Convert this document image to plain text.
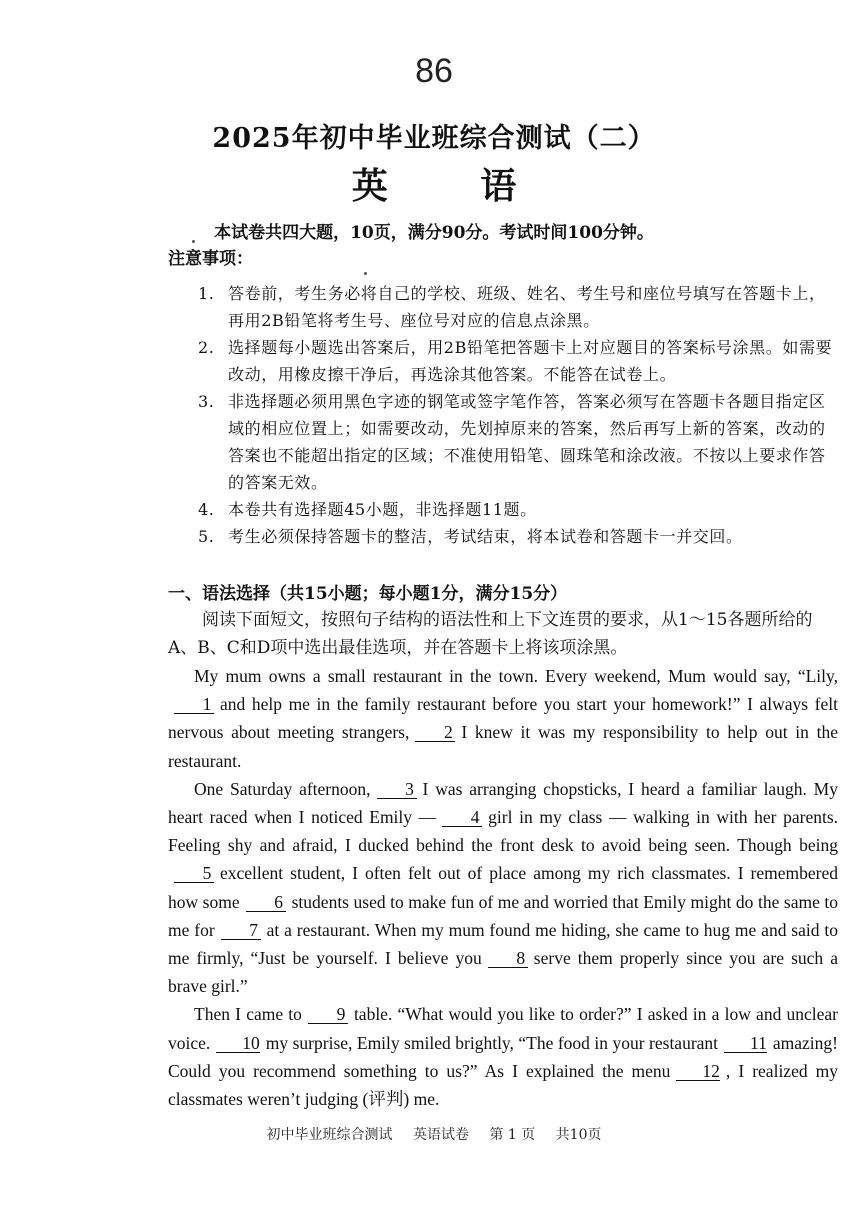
86
2025年初中毕业班综合测试（二）
英 语
本试卷共四大题，10页，满分90分。考试时间100分钟。
注意事项：
1. 答卷前，考生务必将自己的学校、班级、姓名、考生号和座位号填写在答题卡上，再用2B铅笔将考生号、座位号对应的信息点涂黑。
2. 选择题每小题选出答案后，用2B铅笔把答题卡上对应题目的答案标号涂黑。如需要改动，用橡皮擦干净后，再选涂其他答案。不能答在试卷上。
3. 非选择题必须用黑色字迹的钢笔或签字笔作答，答案必须写在答题卡各题目指定区域的相应位置上；如需要改动，先划掉原来的答案，然后再写上新的答案，改动的答案也不能超出指定的区域；不准使用铅笔、圆珠笔和涂改液。不按以上要求作答的答案无效。
4. 本卷共有选择题45小题，非选择题11题。
5. 考生必须保持答题卡的整洁，考试结束，将本试卷和答题卡一并交回。
一、语法选择（共15小题；每小题1分，满分15分）
阅读下面短文，按照句子结构的语法性和上下文连贯的要求，从1～15各题所给的A、B、C和D项中选出最佳选项，并在答题卡上将该项涂黑。

My mum owns a small restaurant in the town. Every weekend, Mum would say, “Lily,1 and help me in the family restaurant before you start your homework!” I always felt nervous about meeting strangers, 2 I knew it was my responsibility to help out in the restaurant.

One Saturday afternoon, 3 I was arranging chopsticks, I heard a familiar laugh. My heart raced when I noticed Emily — 4 girl in my class — walking in with her parents. Feeling shy and afraid, I ducked behind the front desk to avoid being seen. Though being5 excellent student, I often felt out of place among my rich classmates. I remembered how some 6 students used to make fun of me and worried that Emily might do the same to me for 7 at a restaurant. When my mum found me hiding, she came to hug me and said to me firmly, “Just be yourself. I believe you 8 serve them properly since you are such a brave girl.”

Then I came to 9 table. “What would you like to order?” I asked in a low and unclear voice. 10 my surprise, Emily smiled brightly, “The food in your restaurant 11 amazing! Could you recommend something to us?” As I explained the menu 12 , I realized my classmates weren’t judging (评判) me.

初中毕业班综合测试 英语试卷 第 1 页 共10页
